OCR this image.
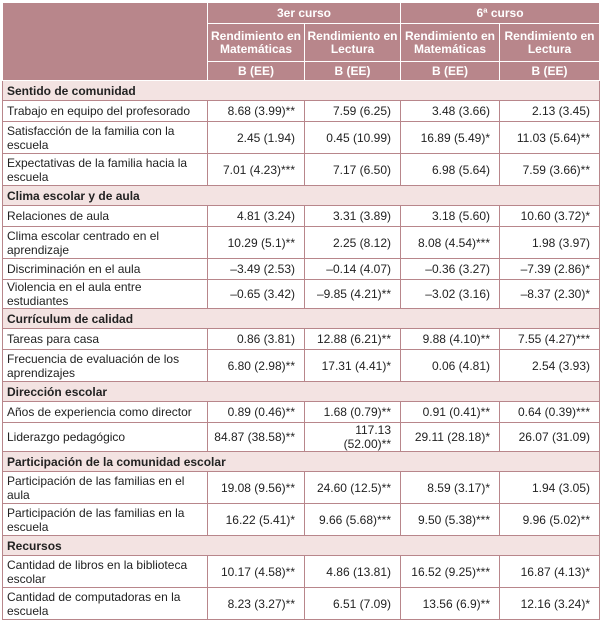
	3er curso		6ª curso	
	Rendimiento en Matemáticas	Rendimiento en Lectura	Rendimiento en Matemáticas	Rendimiento en Lectura
	B (EE)	B (EE)	B (EE)	B (EE)
Sentido de comunidad				
Trabajo en equipo del profesorado	8.68 (3.99)**	7.59 (6.25)	3.48 (3.66)	2.13 (3.45)
Satisfacción de la familia con la escuela	2.45 (1.94)	0.45 (10.99)	16.89 (5.49)*	11.03 (5.64)**
Expectativas de la familia hacia la escuela	7.01 (4.23)***	7.17 (6.50)	6.98 (5.64)	7.59 (3.66)**
Clima escolar y de aula				
Relaciones de aula	4.81 (3.24)	3.31 (3.89)	3.18 (5.60)	10.60 (3.72)*
Clima escolar centrado en el aprendizaje	10.29 (5.1)**	2.25 (8.12)	8.08 (4.54)***	1.98 (3.97)
Discriminación en el aula	–3.49 (2.53)	–0.14 (4.07)	–0.36 (3.27)	–7.39 (2.86)*
Violencia en el aula entre estudiantes	–0.65 (3.42)	–9.85 (4.21)**	–3.02 (3.16)	–8.37 (2.30)*
Currículum de calidad				
Tareas para casa	0.86 (3.81)	12.88 (6.21)**	9.88 (4.10)**	7.55 (4.27)***
Frecuencia de evaluación de los aprendizajes	6.80 (2.98)**	17.31 (4.41)*	0.06 (4.81)	2.54 (3.93)
Dirección escolar				
Años de experiencia como director	0.89 (0.46)**	1.68 (0.79)**	0.91 (0.41)**	0.64 (0.39)***
Liderazgo pedagógico	84.87 (38.58)**	117.13 (52.00)**	29.11 (28.18)*	26.07 (31.09)
Participación de la comunidad escolar				
Participación de las familias en el aula	19.08 (9.56)**	24.60 (12.5)**	8.59 (3.17)*	1.94 (3.05)
Participación de las familias en la escuela	16.22 (5.41)*	9.66 (5.68)***	9.50 (5.38)***	9.96 (5.02)**
Recursos				
Cantidad de libros en la biblioteca escolar	10.17 (4.58)**	4.86 (13.81)	16.52 (9.25)***	16.87 (4.13)*
Cantidad de computadoras en la escuela	8.23 (3.27)**	6.51 (7.09)	13.56 (6.9)**	12.16 (3.24)*
